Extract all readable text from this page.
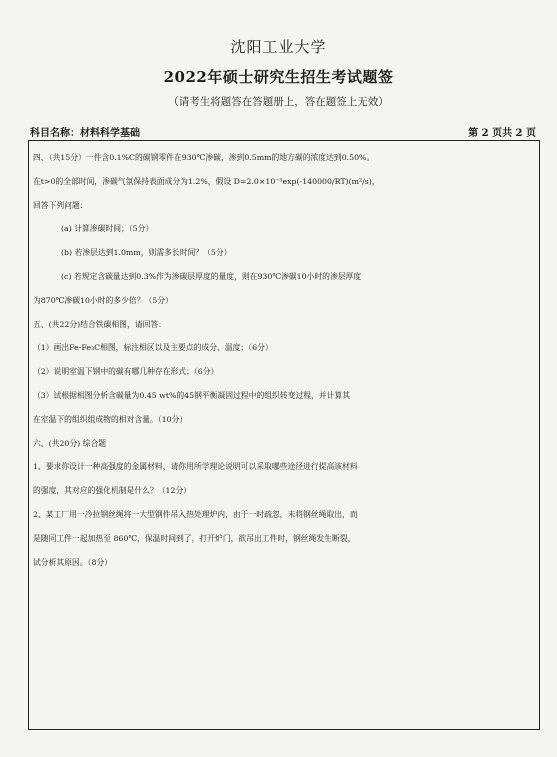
沈阳工业大学
2022年硕士研究生招生考试题签
（请考生将题答在答题册上，答在题签上无效）
科目名称：材料科学基础	第 2 页共 2 页

四、（共15分）一件含0.1%C的碳钢零件在930℃渗碳，渗到0.5mm的地方碳的浓度达到0.50%。

在t>0的全部时间，渗碳气氛保持表面成分为1.2%，假设 D=2.0×10⁻⁵exp(-140000/RT)(m²/s)，

回答下列问题：

(a) 计算渗碳时间；（5分）

(b) 若渗层达到1.0mm，则需多长时间？（5分）

(c) 若规定含碳量达到0.3%作为渗碳层厚度的量度，则在930℃渗碳10小时的渗层厚度

为870℃渗碳10小时的多少倍？（5分）

五、(共22分)结合铁碳相图，请回答：

（1）画出Fe-Fe₃C相图，标注相区以及主要点的成分、温度；（6分）

（2）说明室温下钢中的碳有哪几种存在形式；（6分）

（3）试根据相图分析含碳量为0.45 wt%的45钢平衡凝固过程中的组织转变过程，并计算其

在室温下的组织组成物的相对含量。（10分）

六、(共20分) 综合题

1、要求你设计一种高强度的金属材料，请你用所学理论说明可以采取哪些途径进行提高该材料

的强度，其对应的强化机制是什么？（12分）

2、某工厂用一冷拉钢丝绳将一大型钢件吊入热处理炉内，由于一时疏忽，未将钢丝绳取出，而

是随同工件一起加热至 860℃，保温时间到了，打开炉门，欲吊出工件时，钢丝绳发生断裂，

试分析其原因。（8分）
